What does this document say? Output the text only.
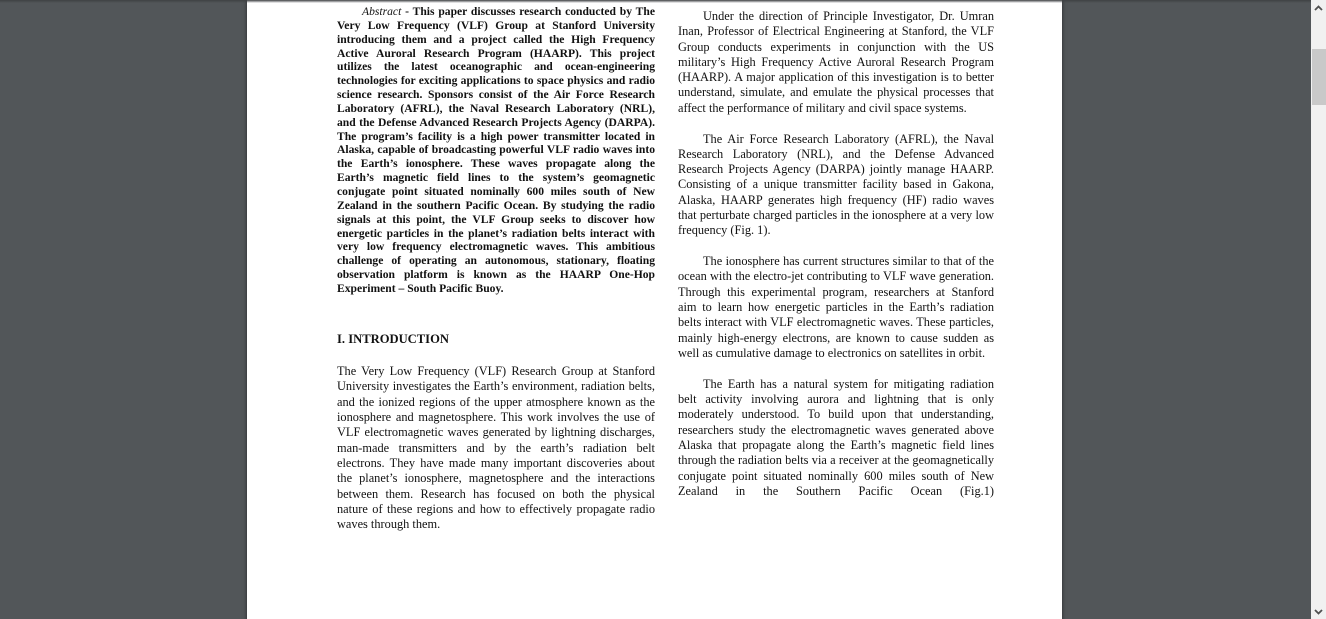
Abstract - This paper discusses research conducted by The Very Low Frequency (VLF) Group at Stanford University introducing them and a project called the High Frequency Active Auroral Research Program (HAARP). This project utilizes the latest oceanographic and ocean-engineering technologies for exciting applications to space physics and radio science research. Sponsors consist of the Air Force Research Laboratory (AFRL), the Naval Research Laboratory (NRL), and the Defense Advanced Research Projects Agency (DARPA). The program’s facility is a high power transmitter located in Alaska, capable of broadcasting powerful VLF radio waves into the Earth’s ionosphere. These waves propagate along the Earth’s magnetic field lines to the system’s geomagnetic conjugate point situated nominally 600 miles south of New Zealand in the southern Pacific Ocean. By studying the radio signals at this point, the VLF Group seeks to discover how energetic particles in the planet’s radiation belts interact with very low frequency electromagnetic waves. This ambitious challenge of operating an autonomous, stationary, floating observation platform is known as the HAARP One-Hop Experiment – South Pacific Buoy.

I. INTRODUCTION

The Very Low Frequency (VLF) Research Group at Stanford University investigates the Earth’s environment, radiation belts, and the ionized regions of the upper atmosphere known as the ionosphere and magnetosphere. This work involves the use of VLF electromagnetic waves generated by lightning discharges, man-made transmitters and by the earth’s radiation belt electrons. They have made many important discoveries about the planet’s ionosphere, magnetosphere and the interactions between them. Research has focused on both the physical nature of these regions and how to effectively propagate radio waves through them.

Under the direction of Principle Investigator, Dr. Umran Inan, Professor of Electrical Engineering at Stanford, the VLF Group conducts experiments in conjunction with the US military’s High Frequency Active Auroral Research Program (HAARP). A major application of this investigation is to better understand, simulate, and emulate the physical processes that affect the performance of military and civil space systems.

The Air Force Research Laboratory (AFRL), the Naval Research Laboratory (NRL), and the Defense Advanced Research Projects Agency (DARPA) jointly manage HAARP. Consisting of a unique transmitter facility based in Gakona, Alaska, HAARP generates high frequency (HF) radio waves that perturbate charged particles in the ionosphere at a very low frequency (Fig. 1).

The ionosphere has current structures similar to that of the ocean with the electro-jet contributing to VLF wave generation. Through this experimental program, researchers at Stanford aim to learn how energetic particles in the Earth’s radiation belts interact with VLF electromagnetic waves. These particles, mainly high-energy electrons, are known to cause sudden as well as cumulative damage to electronics on satellites in orbit.

The Earth has a natural system for mitigating radiation belt activity involving aurora and lightning that is only moderately understood. To build upon that understanding, researchers study the electromagnetic waves generated above Alaska that propagate along the Earth’s magnetic field lines through the radiation belts via a receiver at the geomagnetically conjugate point situated nominally 600 miles south of New Zealand in the Southern Pacific Ocean (Fig.1)
